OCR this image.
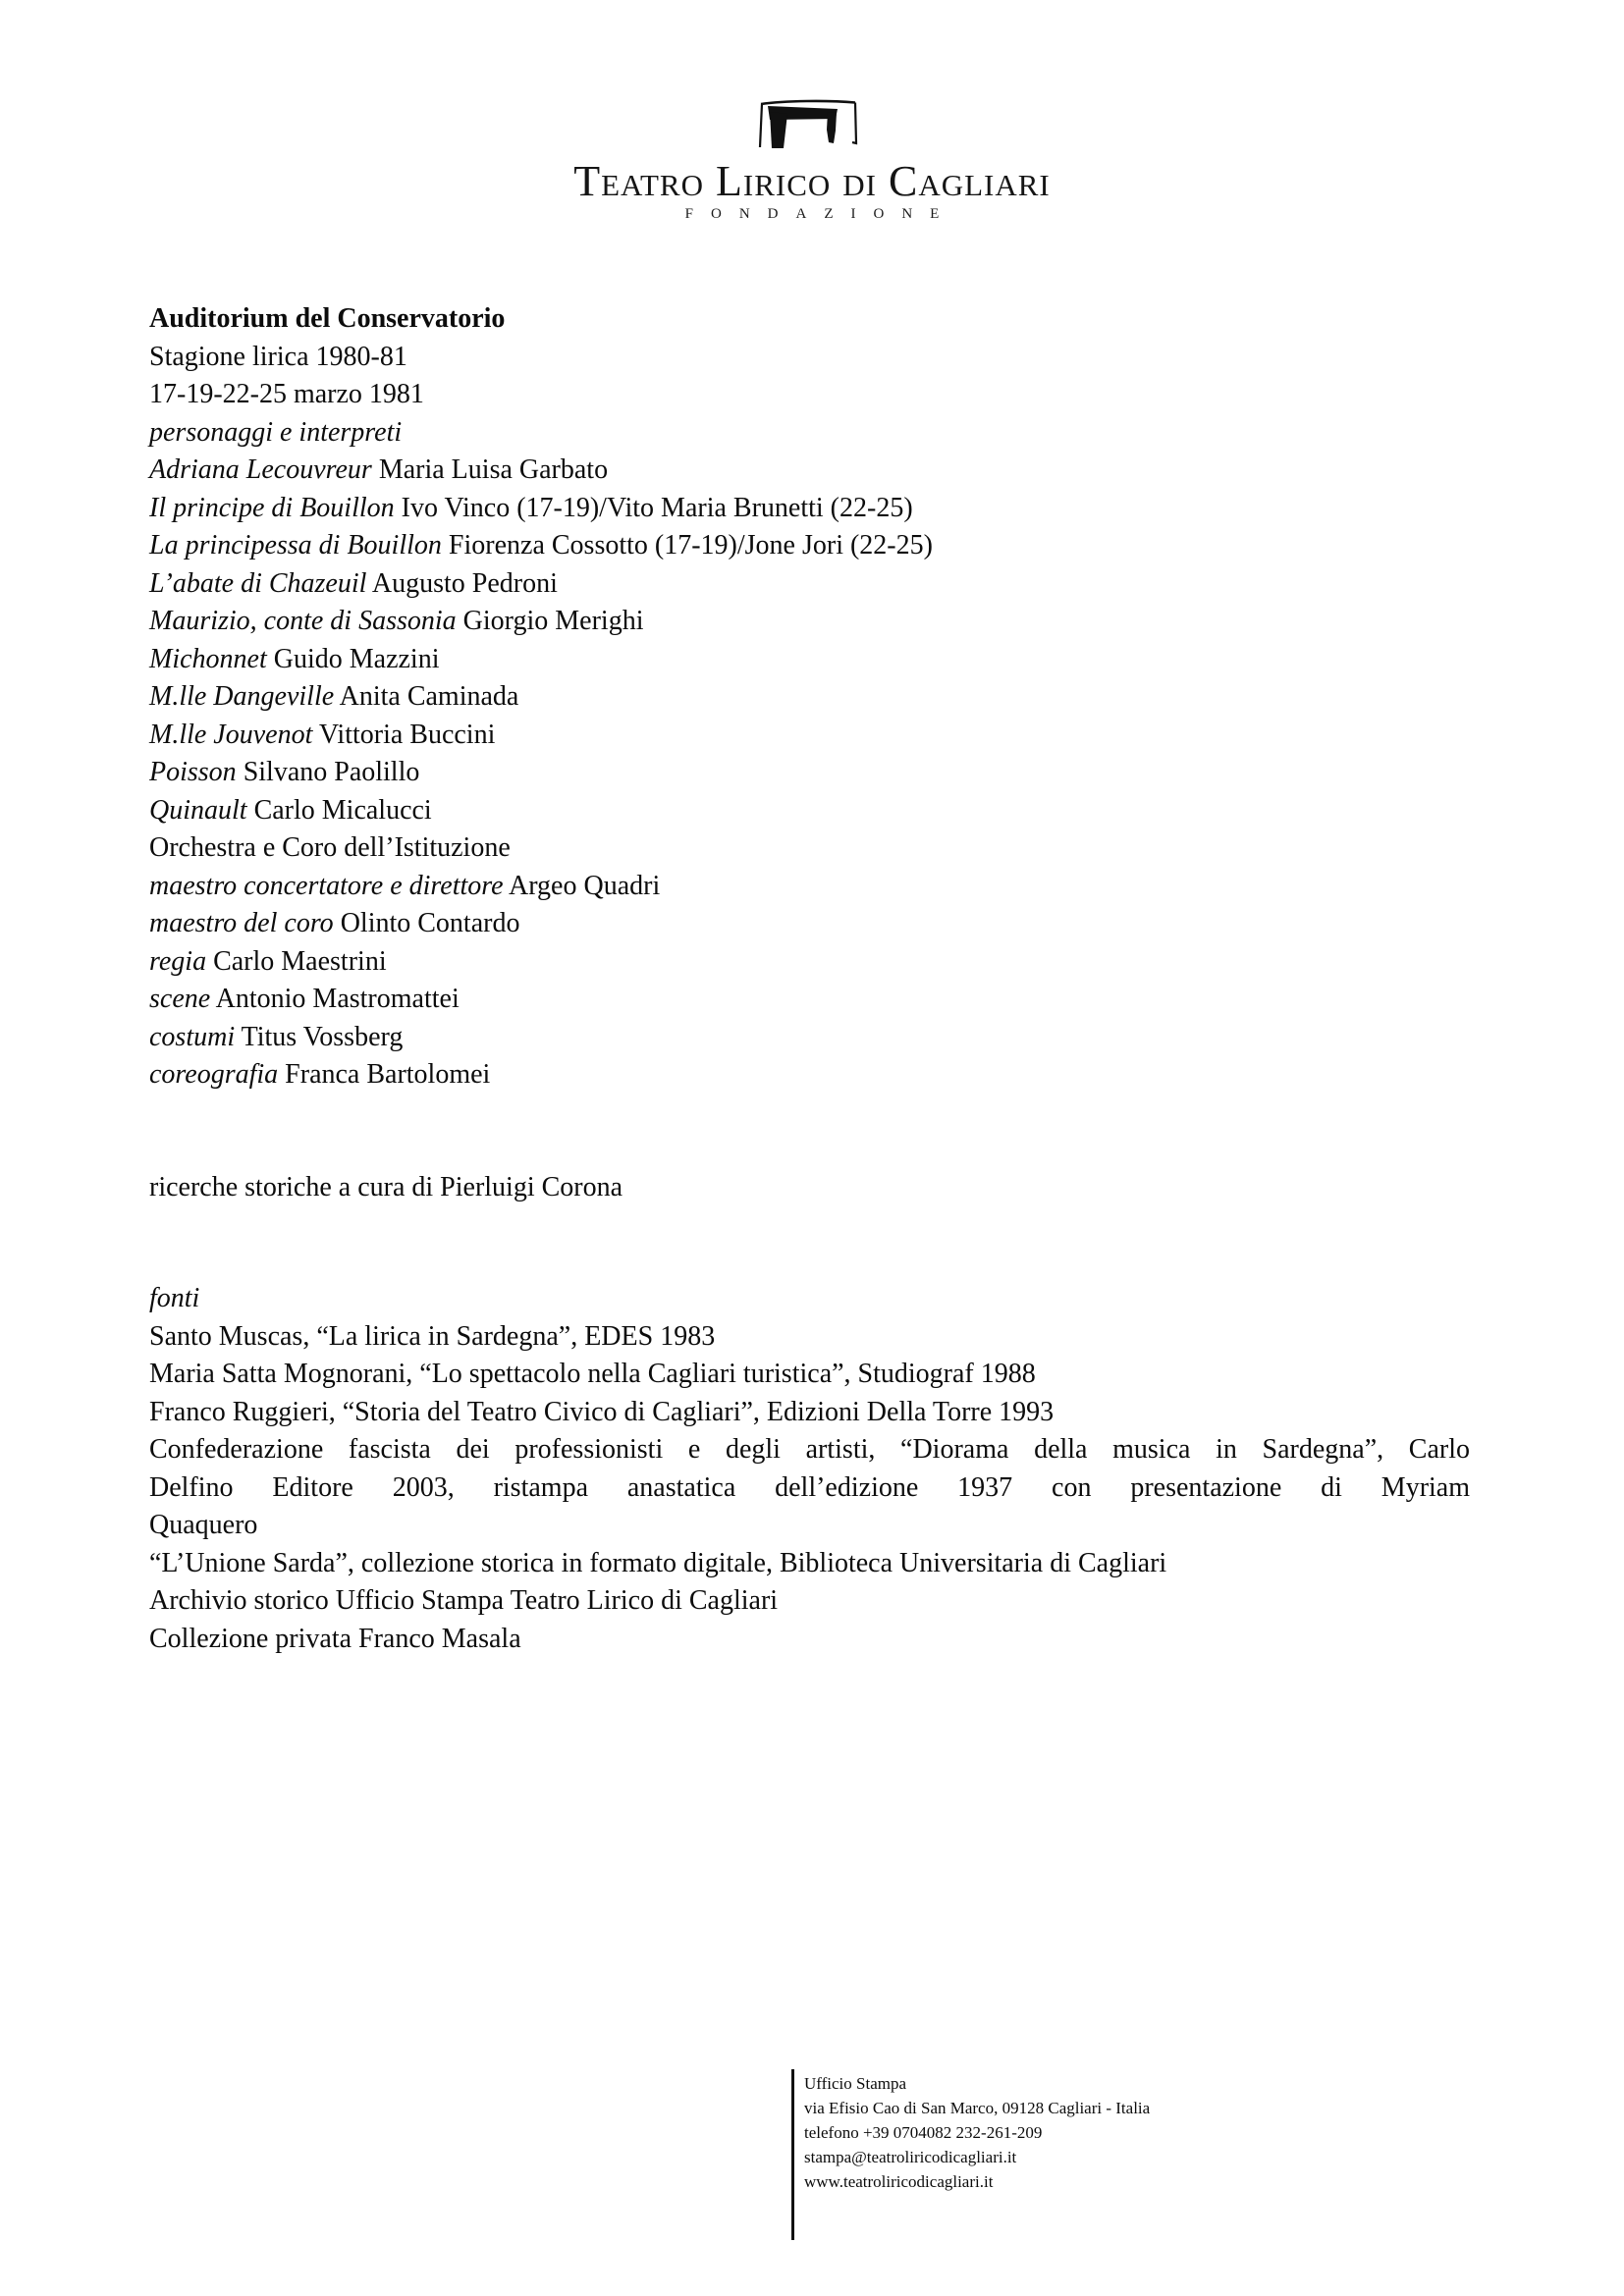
Teatro Lirico di Cagliari
FONDAZIONE
Auditorium del Conservatorio
Stagione lirica 1980-81
17-19-22-25 marzo 1981
personaggi e interpreti
Adriana Lecouvreur Maria Luisa Garbato
Il principe di Bouillon Ivo Vinco (17-19)/Vito Maria Brunetti (22-25)
La principessa di Bouillon Fiorenza Cossotto (17-19)/Jone Jori (22-25)
L’abate di Chazeuil Augusto Pedroni
Maurizio, conte di Sassonia Giorgio Merighi
Michonnet Guido Mazzini
M.lle Dangeville Anita Caminada
M.lle Jouvenot Vittoria Buccini
Poisson Silvano Paolillo
Quinault Carlo Micalucci
Orchestra e Coro dell’Istituzione
maestro concertatore e direttore Argeo Quadri
maestro del coro Olinto Contardo
regia Carlo Maestrini
scene Antonio Mastromattei
costumi Titus Vossberg
coreografia Franca Bartolomei
ricerche storiche a cura di Pierluigi Corona
fonti
Santo Muscas, “La lirica in Sardegna”, EDES 1983
Maria Satta Mognorani, “Lo spettacolo nella Cagliari turistica”, Studiograf 1988
Franco Ruggieri, “Storia del Teatro Civico di Cagliari”, Edizioni Della Torre 1993
Confederazione fascista dei professionisti e degli artisti, “Diorama della musica in Sardegna”, Carlo
Delfino Editore 2003, ristampa anastatica dell’edizione 1937 con presentazione di Myriam
Quaquero
“L’Unione Sarda”, collezione storica in formato digitale, Biblioteca Universitaria di Cagliari
Archivio storico Ufficio Stampa Teatro Lirico di Cagliari
Collezione privata Franco Masala
Ufficio Stampa
via Efisio Cao di San Marco, 09128 Cagliari - Italia
telefono +39 0704082 232-261-209
stampa@teatroliricodicagliari.it
www.teatroliricodicagliari.it
